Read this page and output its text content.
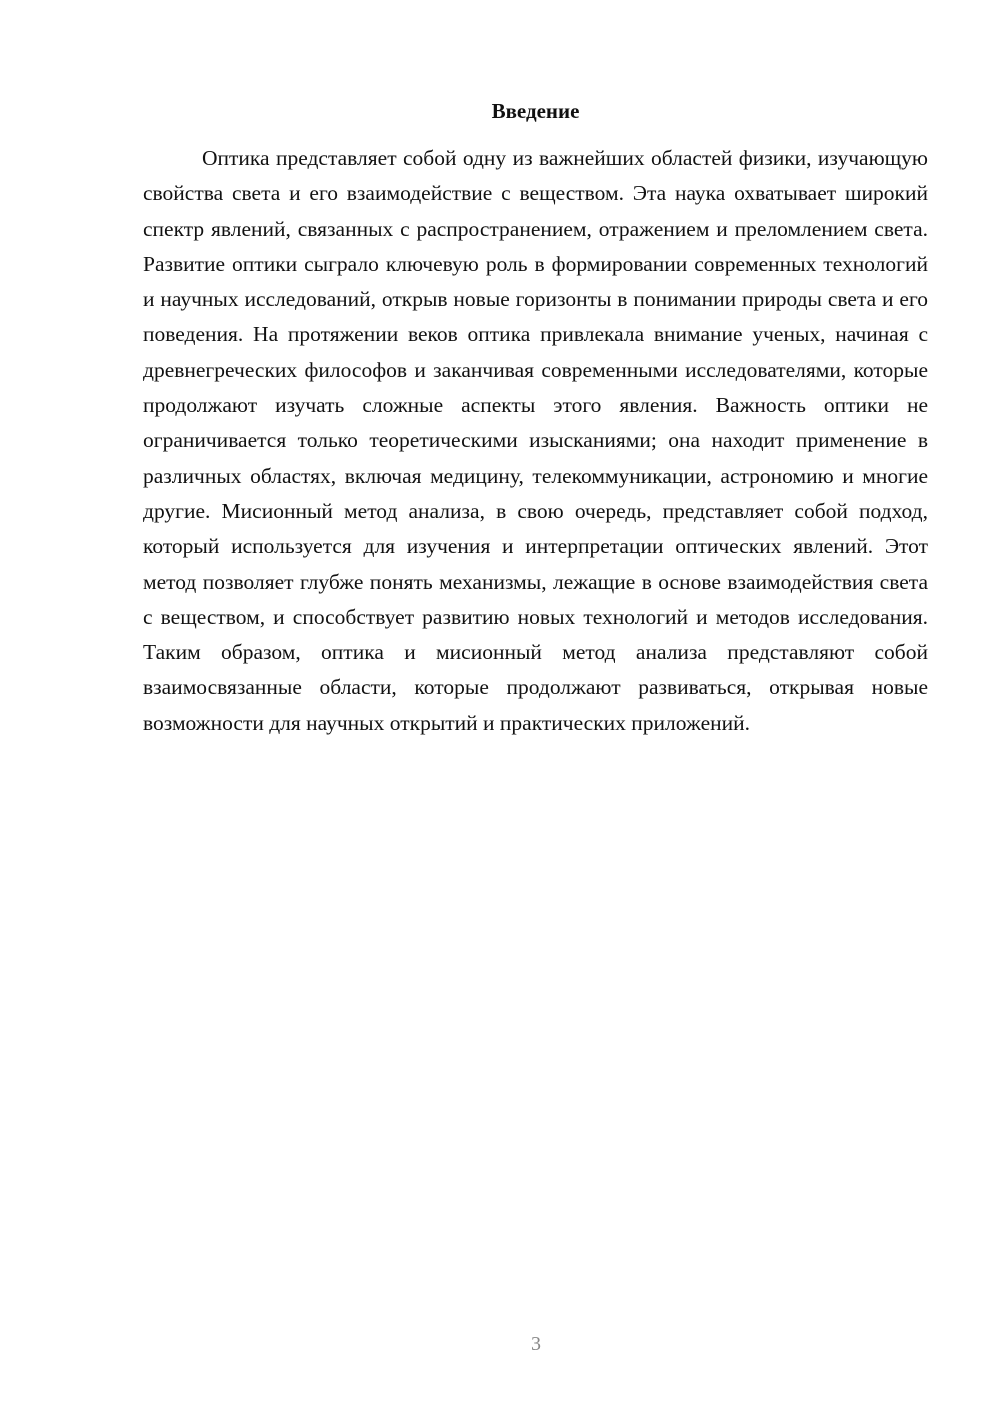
Введение

Оптика представляет собой одну из важнейших областей физики, изучающую свойства света и его взаимодействие с веществом. Эта наука охватывает широкий спектр явлений, связанных с распространением, отражением и преломлением света. Развитие оптики сыграло ключевую роль в формировании современных технологий и научных исследований, открыв новые горизонты в понимании природы света и его поведения. На протяжении веков оптика привлекала внимание ученых, начиная с древнегреческих философов и заканчивая современными исследователями, которые продолжают изучать сложные аспекты этого явления. Важность оптики не ограничивается только теоретическими изысканиями; она находит применение в различных областях, включая медицину, телекоммуникации, астрономию и многие другие. Мисионный метод анализа, в свою очередь, представляет собой подход, который используется для изучения и интерпретации оптических явлений. Этот метод позволяет глубже понять механизмы, лежащие в основе взаимодействия света с веществом, и способствует развитию новых технологий и методов исследования. Таким образом, оптика и мисионный метод анализа представляют собой взаимосвязанные области, которые продолжают развиваться, открывая новые возможности для научных открытий и практических приложений.

3
